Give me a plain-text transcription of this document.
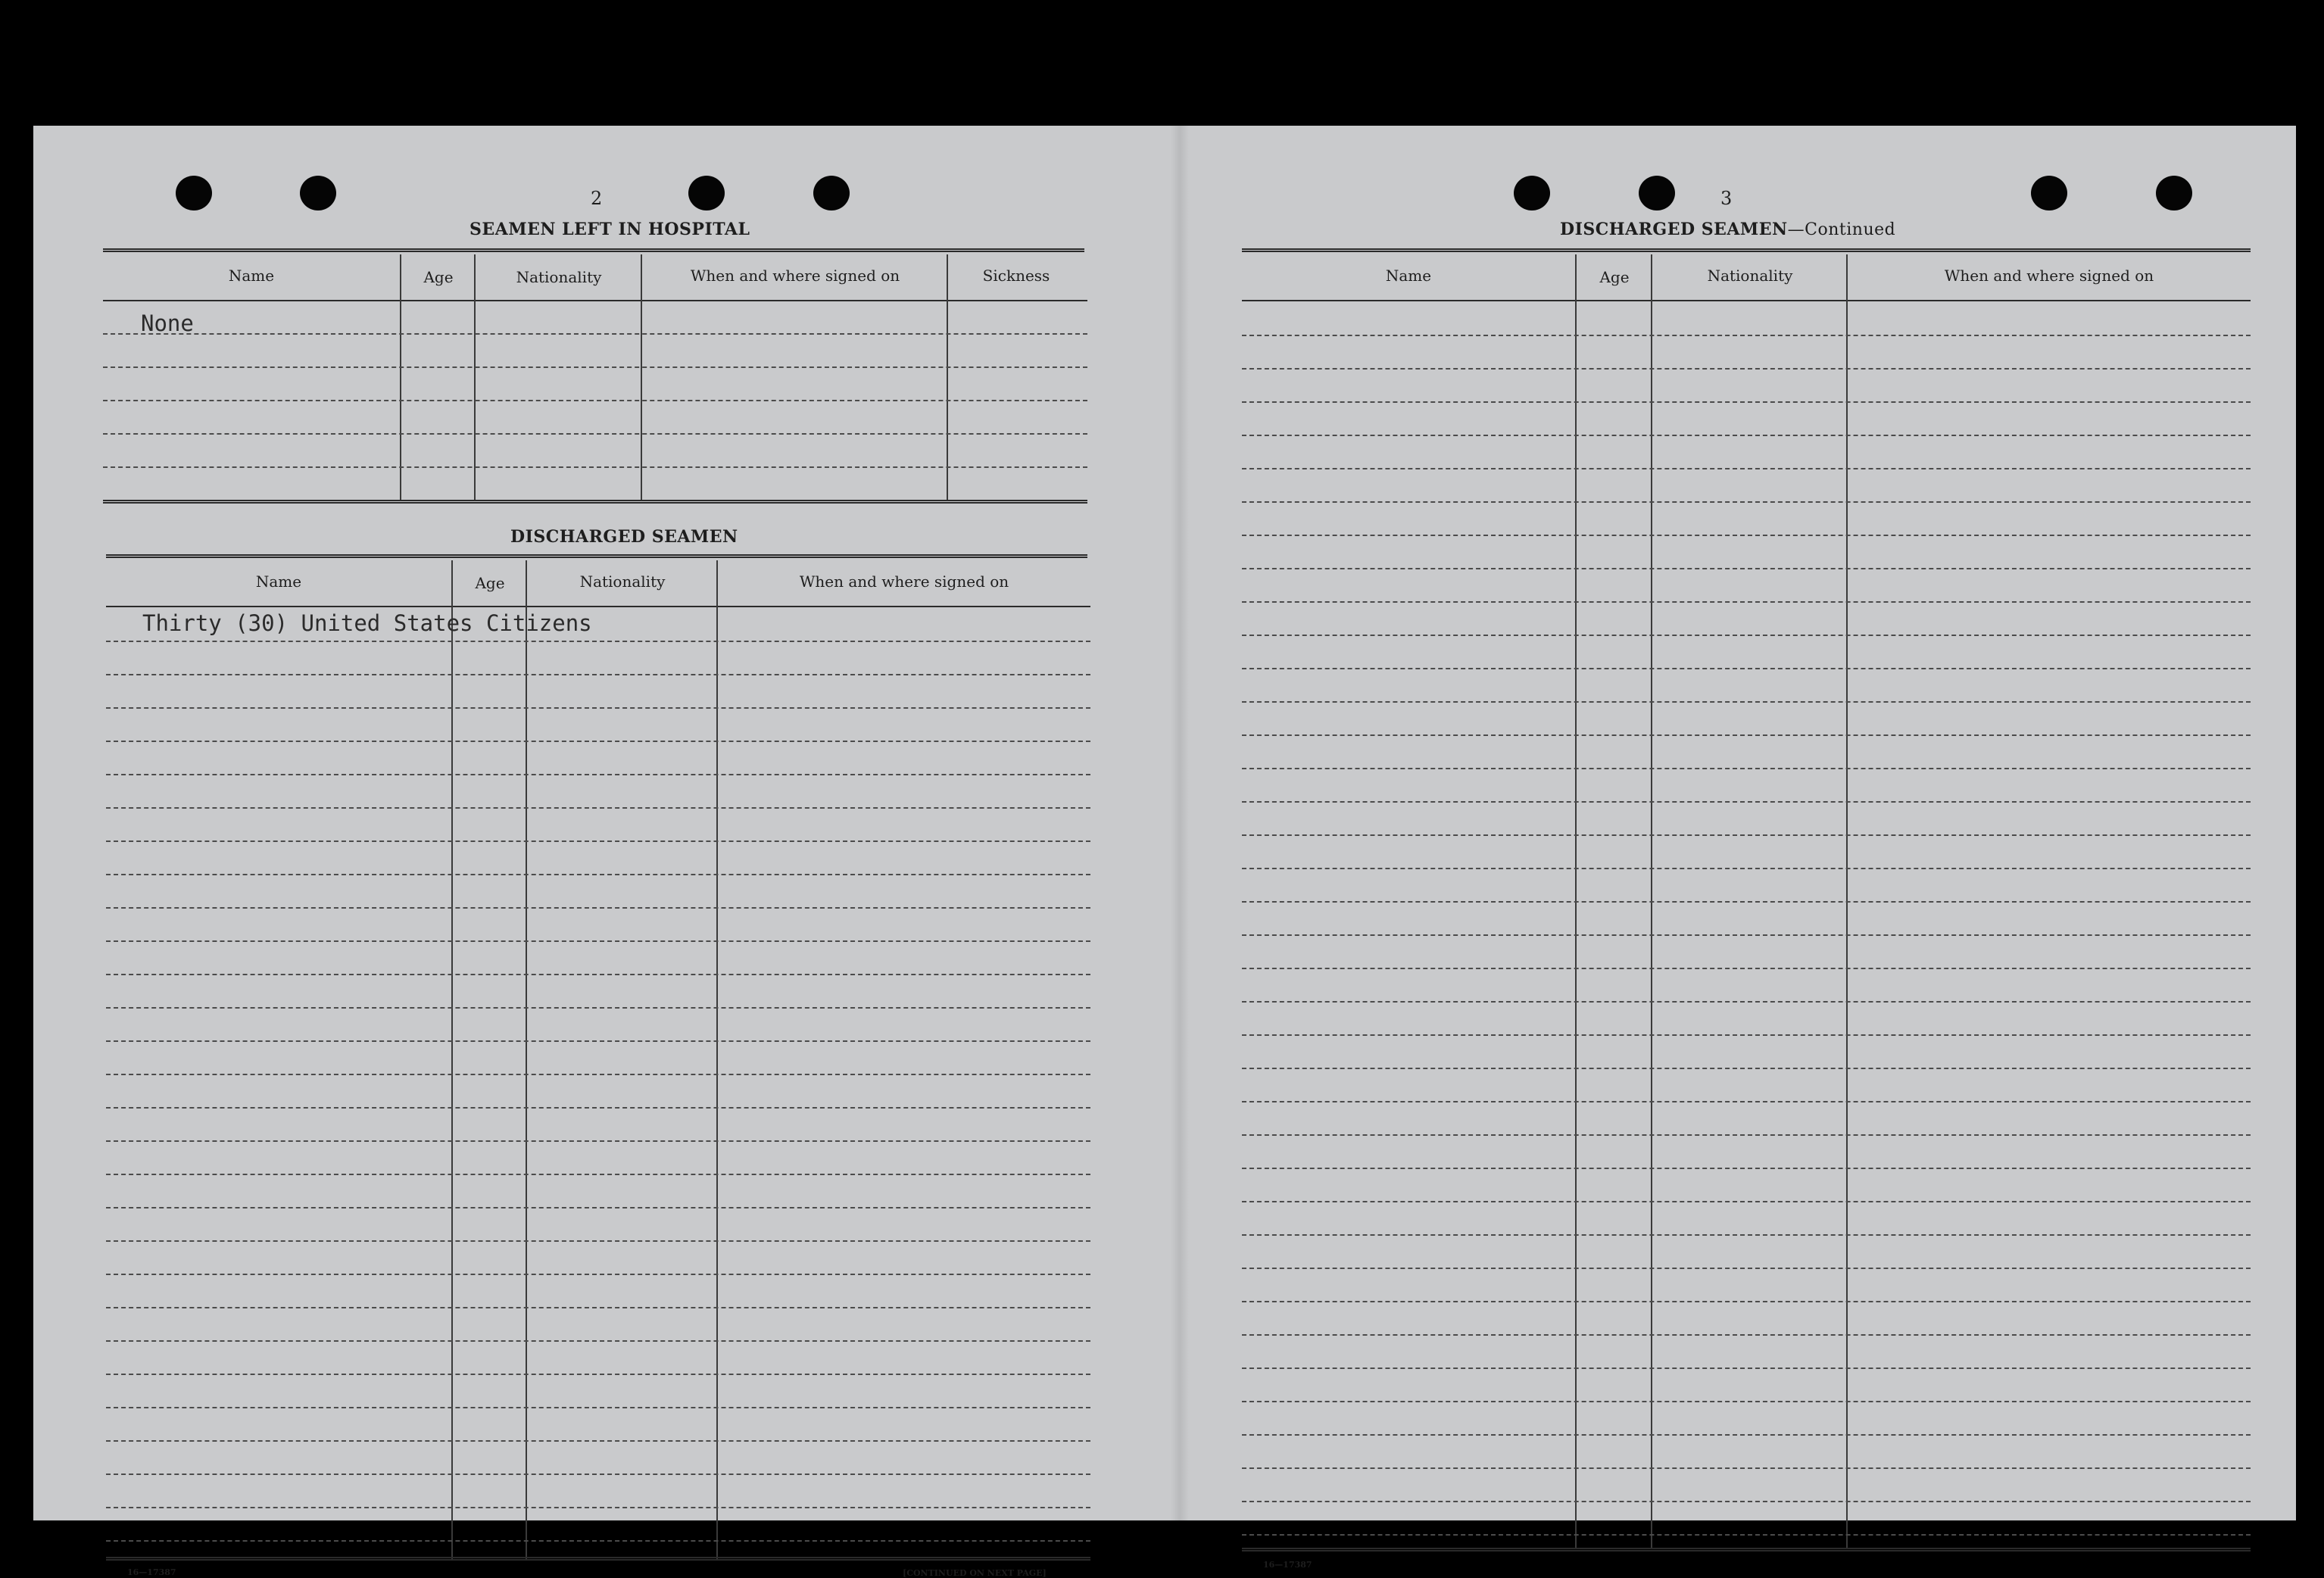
2
SEAMEN LEFT IN HOSPITAL
Name	Age	Nationality	When and where signed on	Sickness
None
DISCHARGED SEAMEN
Name	Age	Nationality	When and where signed on
Thirty (30) United States Citizens
16—17387	[CONTINUED ON NEXT PAGE]
3
DISCHARGED SEAMEN—Continued
Name	Age	Nationality	When and where signed on
16—17387
